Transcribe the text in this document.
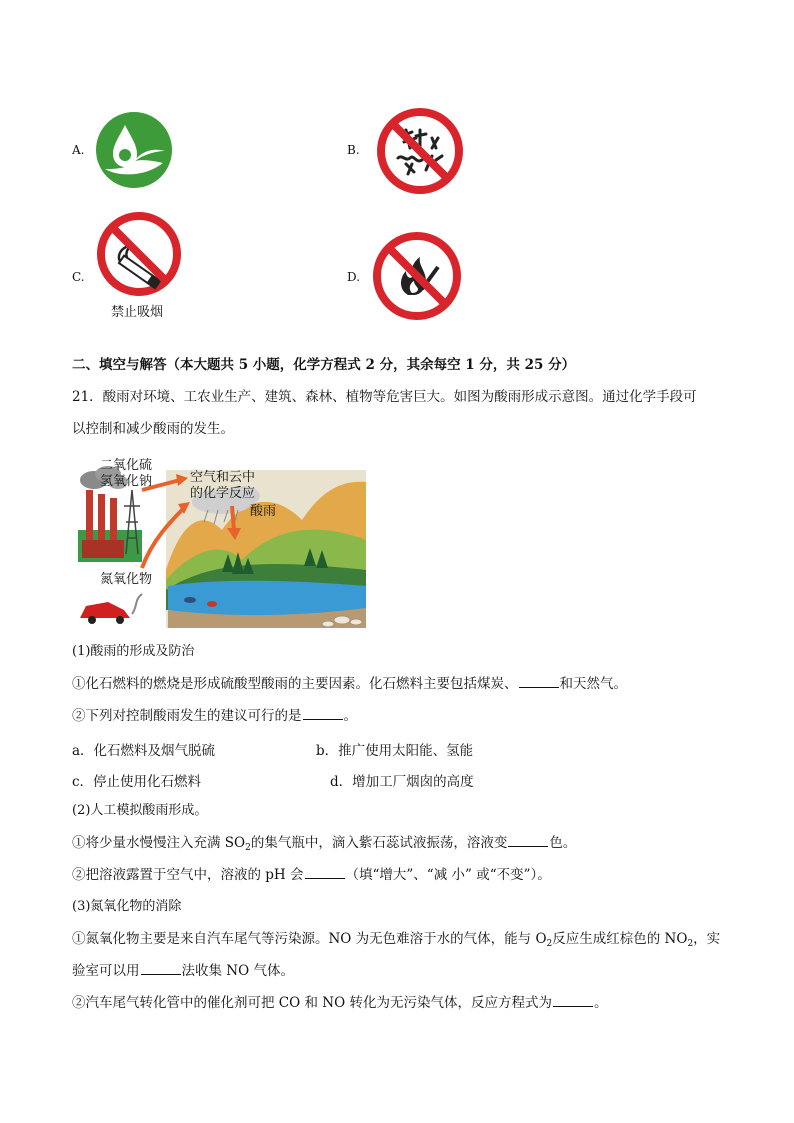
A.	B.
C.
禁止吸烟
D.
二、填空与解答（本大题共 5 小题，化学方程式 2 分，其余每空 1 分，共 25 分）
21．酸雨对环境、工农业生产、建筑、森林、植物等危害巨大。如图为酸雨形成示意图。通过化学手段可
以控制和减少酸雨的发生。
二氧化硫
氢氧化钠	空气和云中
的化学反应
酸雨
氮氧化物
(1)酸雨的形成及防治
①化石燃料的燃烧是形成硫酸型酸雨的主要因素。化石燃料主要包括煤炭、	和天然气。
②下列对控制酸雨发生的建议可行的是	。
a．化石燃料及烟气脱硫	b．推广使用太阳能、氢能
c．停止使用化石燃料	d．增加工厂烟囱的高度
(2)人工模拟酸雨形成。
①将少量水慢慢注入充满 $SO_2$的集气瓶中，滴入紫石蕊试液振荡，溶液变	色。
②把溶液露置于空气中，溶液的 pH 会	（填“增大”、“减 小” 或“不变”）。
(3)氮氧化物的消除
①氮氧化物主要是来自汽车尾气等污染源。NO 为无色难溶于水的气体，能与 $O_2$反应生成红棕色的 $NO_2$，实
验室可以用	法收集 NO 气体。
②汽车尾气转化管中的催化剂可把 CO 和 NO 转化为无污染气体，反应方程式为	。
